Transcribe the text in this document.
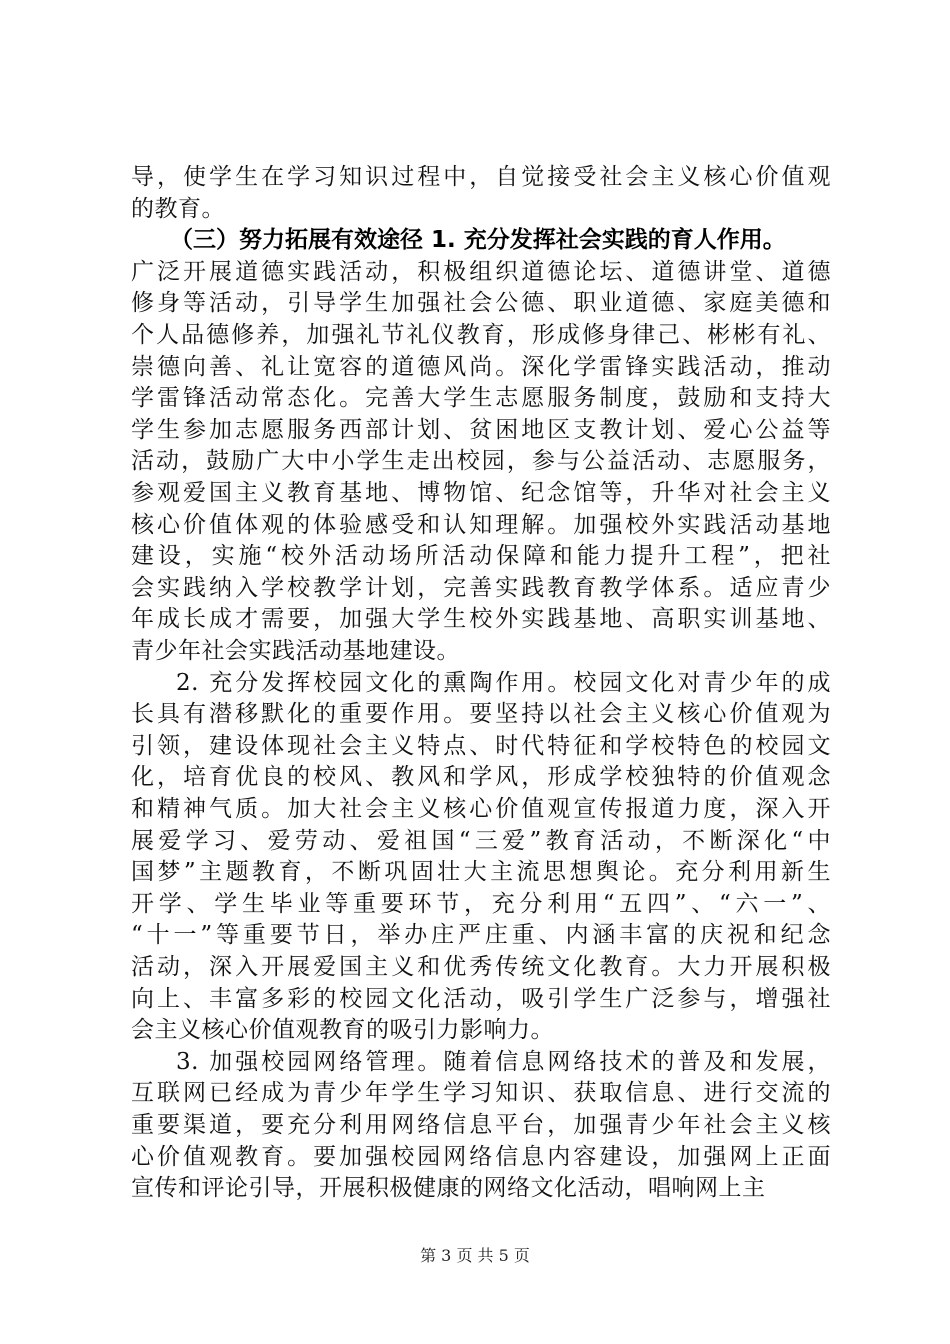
导，使学生在学习知识过程中，自觉接受社会主义核心价值观
的教育。
（三）努力拓展有效途径 1. 充分发挥社会实践的育人作用。
广泛开展道德实践活动，积极组织道德论坛、道德讲堂、道德
修身等活动，引导学生加强社会公德、职业道德、家庭美德和
个人品德修养，加强礼节礼仪教育，形成修身律己、彬彬有礼、
崇德向善、礼让宽容的道德风尚。深化学雷锋实践活动，推动
学雷锋活动常态化。完善大学生志愿服务制度，鼓励和支持大
学生参加志愿服务西部计划、贫困地区支教计划、爱心公益等
活动，鼓励广大中小学生走出校园，参与公益活动、志愿服务，
参观爱国主义教育基地、博物馆、纪念馆等，升华对社会主义
核心价值体观的体验感受和认知理解。加强校外实践活动基地
建设，实施“校外活动场所活动保障和能力提升工程”，把社
会实践纳入学校教学计划，完善实践教育教学体系。适应青少
年成长成才需要，加强大学生校外实践基地、高职实训基地、
青少年社会实践活动基地建设。
2. 充分发挥校园文化的熏陶作用。校园文化对青少年的成
长具有潜移默化的重要作用。要坚持以社会主义核心价值观为
引领，建设体现社会主义特点、时代特征和学校特色的校园文
化，培育优良的校风、教风和学风，形成学校独特的价值观念
和精神气质。加大社会主义核心价值观宣传报道力度，深入开
展爱学习、爱劳动、爱祖国“三爱”教育活动，不断深化“中
国梦”主题教育，不断巩固壮大主流思想舆论。充分利用新生
开学、学生毕业等重要环节，充分利用“五四”、“六一”、
“十一”等重要节日，举办庄严庄重、内涵丰富的庆祝和纪念
活动，深入开展爱国主义和优秀传统文化教育。大力开展积极
向上、丰富多彩的校园文化活动，吸引学生广泛参与，增强社
会主义核心价值观教育的吸引力影响力。
3. 加强校园网络管理。随着信息网络技术的普及和发展，
互联网已经成为青少年学生学习知识、获取信息、进行交流的
重要渠道，要充分利用网络信息平台，加强青少年社会主义核
第 3 页 共 5 页
心价值观教育。要加强校园网络信息内容建设，加强网上正面
宣传和评论引导，开展积极健康的网络文化活动，唱响网上主
